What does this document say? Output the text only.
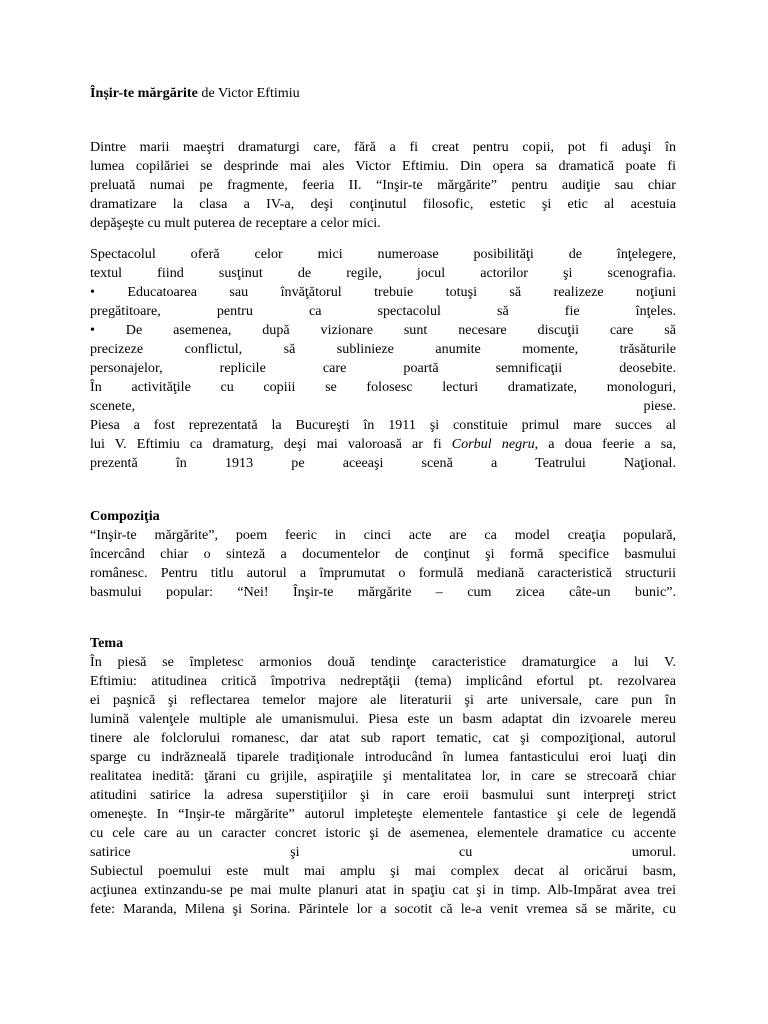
Înșir-te mărgărite de Victor Eftimiu

Dintre marii maeştri dramaturgi care, fără a fi creat pentru copii, pot fi aduşi în
lumea copilăriei se desprinde mai ales Victor Eftimiu. Din opera sa dramatică poate fi
preluată numai pe fragmente, feeria II. “Inşir-te mărgărite” pentru audiţie sau chiar
dramatizare la clasa a IV-a, deşi conţinutul filosofic, estetic şi etic al acestuia
depăşeşte cu mult puterea de receptare a celor mici.
Spectacolul oferă celor mici numeroase posibilităţi de înţelegere,
textul fiind susţinut de regile, jocul actorilor şi scenografia.
• Educatoarea sau învăţătorul trebuie totuşi să realizeze noţiuni
pregătitoare, pentru ca spectacolul să fie înţeles.
• De asemenea, după vizionare sunt necesare discuţii care să
precizeze conflictul, să sublinieze anumite momente, trăsăturile
personajelor, replicile care poartă semnificaţii deosebite.
În activităţile cu copiii se folosesc lecturi dramatizate, monologuri,
scenete, piese.
Piesa a fost reprezentată la Bucureşti în 1911 şi constituie primul mare succes al
lui V. Eftimiu ca dramaturg, deşi mai valoroasă ar fi Corbul negru, a doua feerie a sa,
prezentă în 1913 pe aceeaşi scenă a Teatrului Naţional.

Compoziţia

“Inşir-te mărgărite”, poem feeric in cinci acte are ca model creaţia populară,
încercând chiar o sinteză a documentelor de conţinut şi formă specifice basmului
românesc. Pentru titlu autorul a împrumutat o formulă mediană caracteristică structurii
basmului popular: “Nei! Înşir-te mărgărite – cum zicea câte-un bunic”.

Tema

În piesă se împletesc armonios două tendinţe caracteristice dramaturgice a lui V.
Eftimiu: atitudinea critică împotriva nedreptăţii (tema) implicând efortul pt. rezolvarea
ei paşnică şi reflectarea temelor majore ale literaturii şi arte universale, care pun în
lumină valenţele multiple ale umanismului. Piesa este un basm adaptat din izvoarele mereu
tinere ale folclorului romanesc, dar atat sub raport tematic, cat şi compoziţional, autorul
sparge cu indrăzneală tiparele tradiţionale introducând în lumea fantasticului eroi luaţi din
realitatea inedită: ţărani cu grijile, aspiraţiile şi mentalitatea lor, in care se strecoară chiar
atitudini satirice la adresa superstiţiilor şi in care eroii basmului sunt interpreţi strict
omeneşte. In “Inşir-te mărgărite” autorul impleteşte elementele fantastice şi cele de legendă
cu cele care au un caracter concret istoric şi de asemenea, elementele dramatice cu accente
satirice şi cu umorul.
Subiectul poemului este mult mai amplu şi mai complex decat al oricărui basm,
acţiunea extinzandu-se pe mai multe planuri atat in spaţiu cat şi in timp. Alb-Impărat avea trei
fete: Maranda, Milena şi Sorina. Părintele lor a socotit că le-a venit vremea să se mărite, cu
